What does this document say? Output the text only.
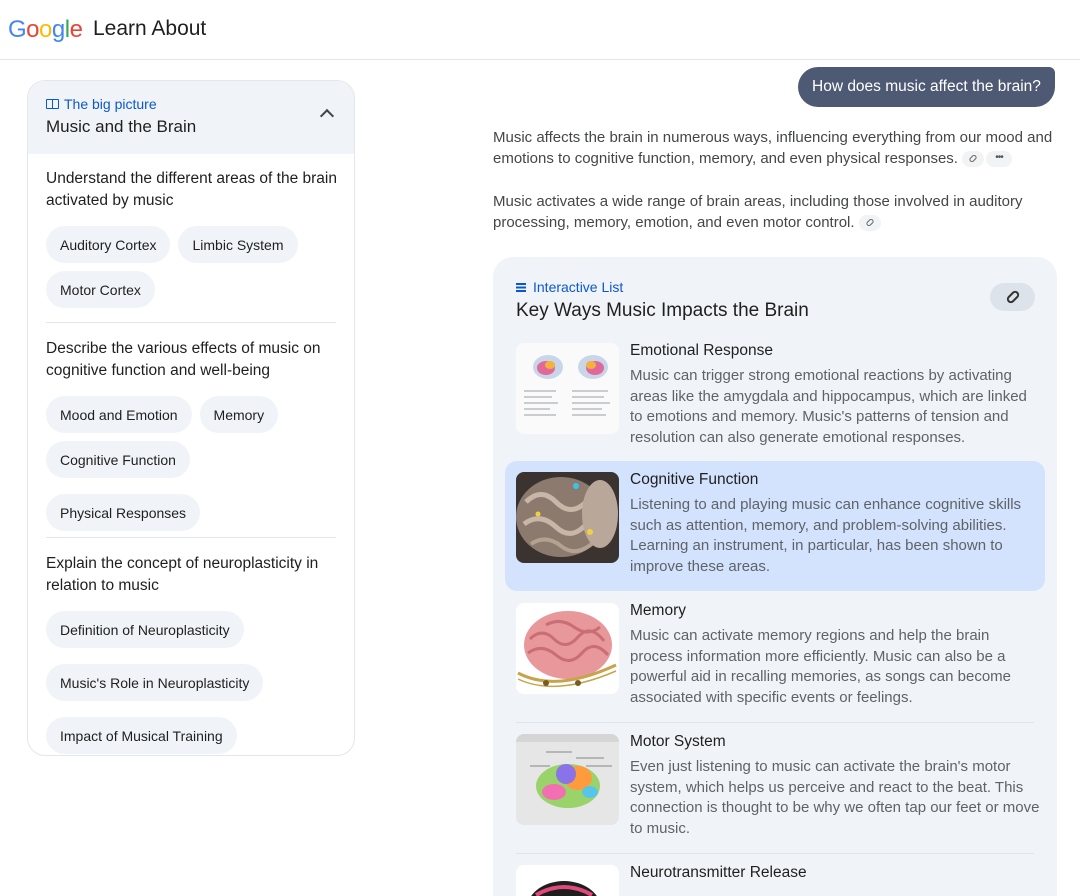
Google Learn About
The big picture
Music and the Brain
Understand the different areas of the brain activated by music
Auditory Cortex	Limbic System
Motor Cortex
Describe the various effects of music on cognitive function and well-being
Mood and Emotion	Memory
Cognitive Function
Physical Responses
Explain the concept of neuroplasticity in relation to music
Definition of Neuroplasticity
Music's Role in Neuroplasticity
Impact of Musical Training
How does music affect the brain?
Music affects the brain in numerous ways, influencing everything from our mood and emotions to cognitive function, memory, and even physical responses.	•••
Music activates a wide range of brain areas, including those involved in auditory processing, memory, emotion, and even motor control.
Interactive List
Key Ways Music Impacts the Brain
Emotional Response

Music can trigger strong emotional reactions by activating areas like the amygdala and hippocampus, which are linked to emotions and memory. Music's patterns of tension and resolution can also generate emotional responses.

Cognitive Function

Listening to and playing music can enhance cognitive skills such as attention, memory, and problem-solving abilities. Learning an instrument, in particular, has been shown to improve these areas.

Memory

Music can activate memory regions and help the brain process information more efficiently. Music can also be a powerful aid in recalling memories, as songs can become associated with specific events or feelings.

Motor System

Even just listening to music can activate the brain's motor system, which helps us perceive and react to the beat. This connection is thought to be why we often tap our feet or move to music.

Neurotransmitter Release
